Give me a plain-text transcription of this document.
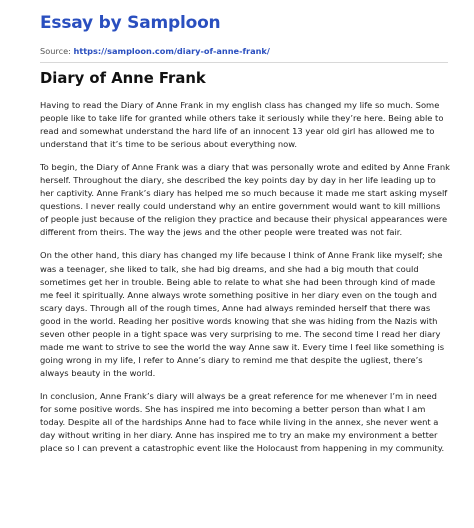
Essay by Samploon
Source: https://samploon.com/diary-of-anne-frank/
Diary of Anne Frank

Having to read the Diary of Anne Frank in my english class has changed my life so much. Some people like to take life for granted while others take it seriously while they’re here. Being able to read and somewhat understand the hard life of an innocent 13 year old girl has allowed me to understand that it’s time to be serious about everything now.

To begin, the Diary of Anne Frank was a diary that was personally wrote and edited by Anne Frank herself. Throughout the diary, she described the key points day by day in her life leading up to her captivity. Anne Frank’s diary has helped me so much because it made me start asking myself questions. I never really could understand why an entire government would want to kill millions of people just because of the religion they practice and because their physical appearances were different from theirs. The way the jews and the other people were treated was not fair.

On the other hand, this diary has changed my life because I think of Anne Frank like myself; she was a teenager, she liked to talk, she had big dreams, and she had a big mouth that could sometimes get her in trouble. Being able to relate to what she had been through kind of made me feel it spiritually. Anne always wrote something positive in her diary even on the tough and scary days. Through all of the rough times, Anne had always reminded herself that there was good in the world. Reading her positive words knowing that she was hiding from the Nazis with seven other people in a tight space was very surprising to me. The second time I read her diary made me want to strive to see the world the way Anne saw it. Every time I feel like something is going wrong in my life, I refer to Anne’s diary to remind me that despite the ugliest, there’s always beauty in the world.

In conclusion, Anne Frank’s diary will always be a great reference for me whenever I’m in need for some positive words. She has inspired me into becoming a better person than what I am today. Despite all of the hardships Anne had to face while living in the annex, she never went a day without writing in her diary. Anne has inspired me to try an make my environment a better place so I can prevent a catastrophic event like the Holocaust from happening in my community.
